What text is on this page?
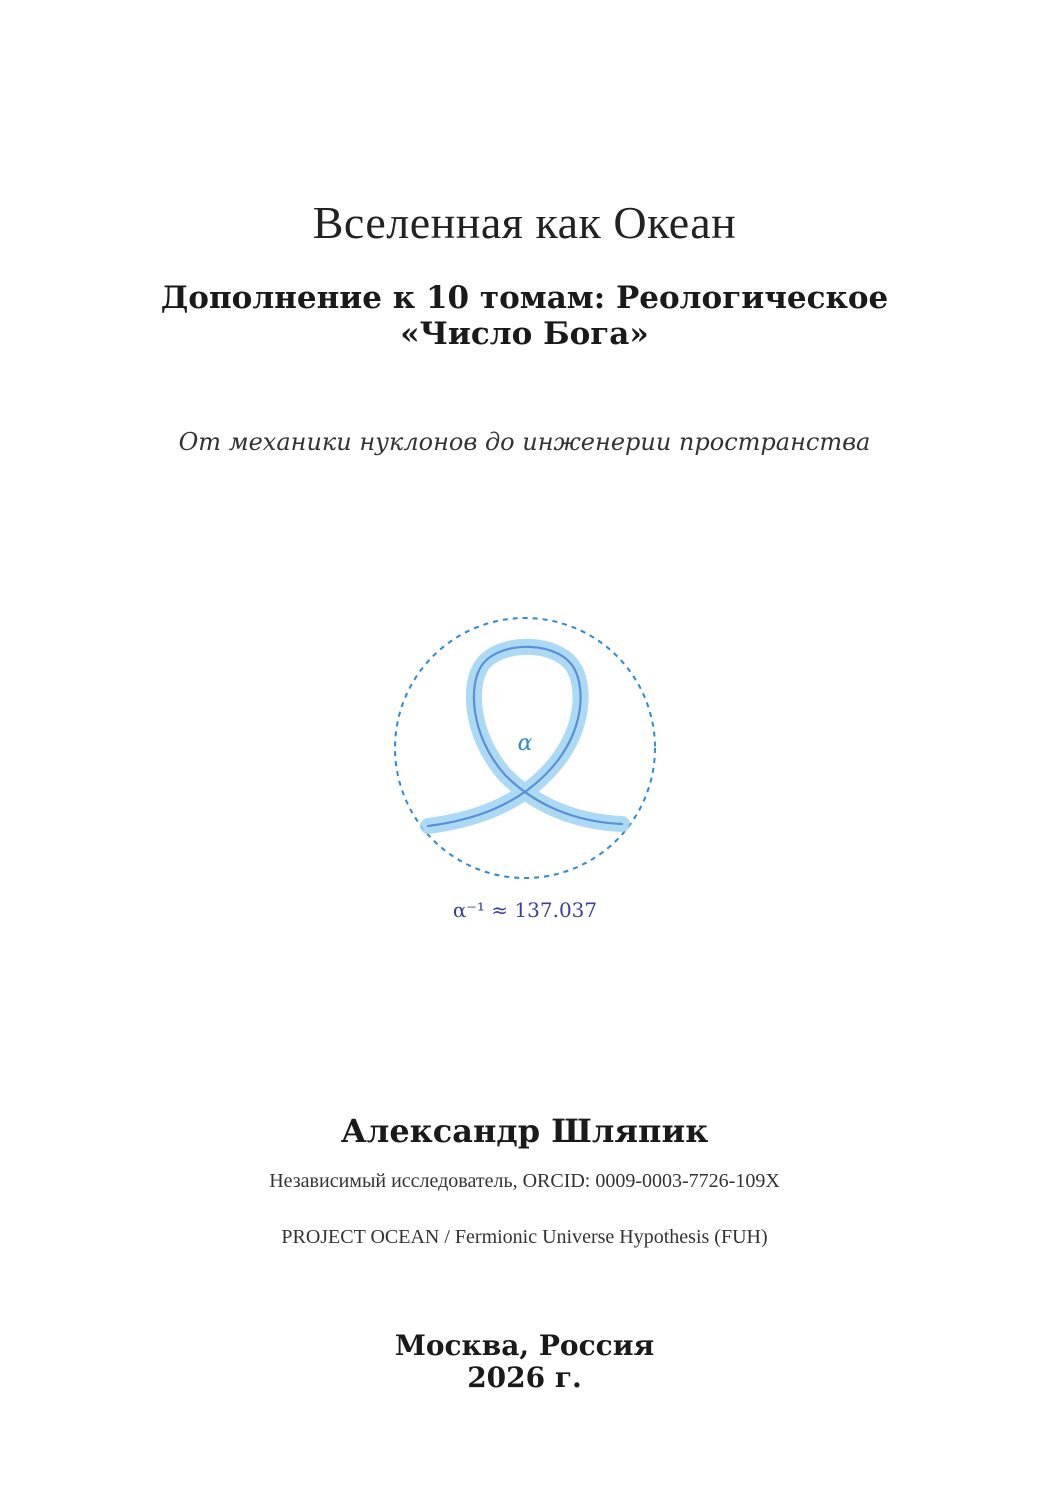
Вселенная как Океан
Дополнение к 10 томам: Реологическое
«Число Бога»
От механики нуклонов до инженерии пространства
α
α⁻¹ ≈ 137.037
Александр Шляпик
Независимый исследователь, ORCID: 0009-0003-7726-109X
PROJECT OCEAN / Fermionic Universe Hypothesis (FUH)
Москва, Россия
2026 г.
